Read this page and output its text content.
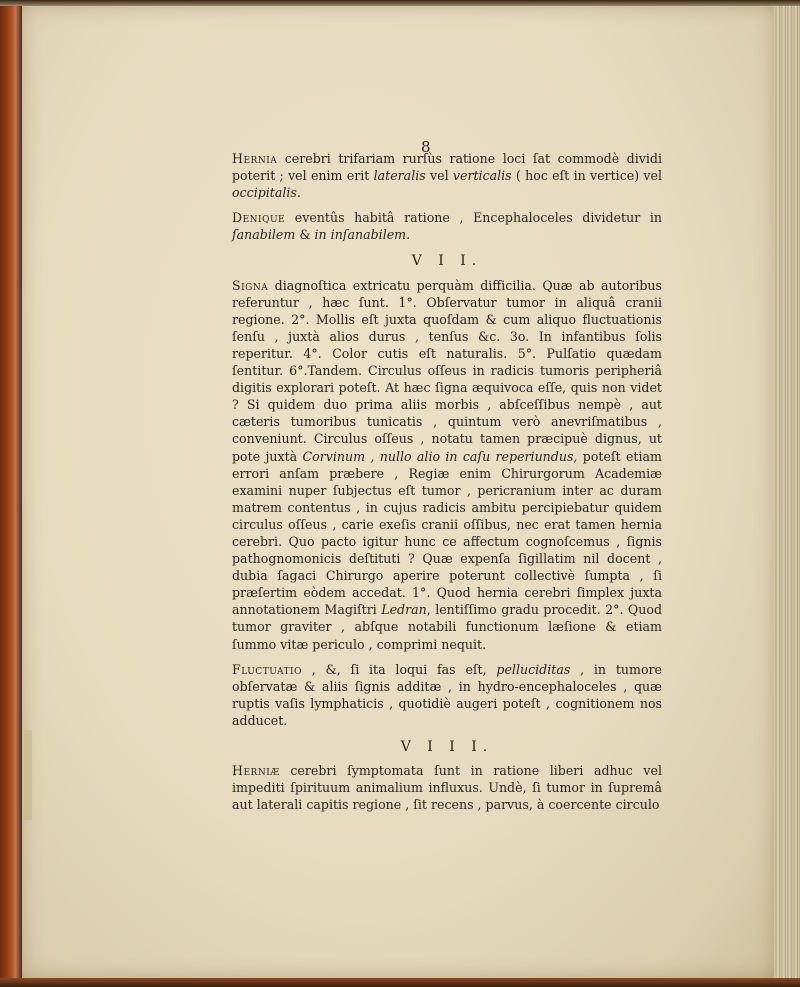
8

Hernia cerebri trifariam rurſùs ratione loci ſat commodè dividi poterit ; vel enim erit lateralis vel verticalis ( hoc eſt in vertice) vel occipitalis.

Denique eventûs habitâ ratione , Encephaloceles dividetur in ſanabilem & in inſanabilem.

V I I.

Signa diagnoſtica extricatu perquàm difficilia. Quæ ab autoribus referuntur , hæc ſunt. 1°. Obſervatur tumor in aliquâ cranii regione. 2°. Mollis eſt juxta quoſdam & cum aliquo fluctuationis ſenſu , juxtà alios durus , tenſus &c. 3o. In infantibus ſolis reperitur. 4°. Color cutis eſt naturalis. 5°. Pulſatio quædam ſentitur. 6°.Tandem. Circulus oſſeus in radicis tumoris peripheriâ digitis explorari poteſt. At hæc ſigna æquivoca eſſe, quis non videt ? Si quidem duo prima aliis morbis , abſceſſibus nempè , aut cæteris tumoribus tunicatis , quintum verò anevriſmatibus , conveniunt. Circulus oſſeus , notatu tamen præcipuè dignus, ut pote juxtà Corvinum , nullo alio in caſu reperiundus, poteſt etiam errori anſam præbere , Regiæ enim Chirurgorum Academiæ examini nuper ſubjectus eſt tumor , pericranium inter ac duram matrem contentus , in cujus radicis ambitu percipiebatur quidem circulus oſſeus , carie exeſis cranii oſſibus, nec erat tamen hernia cerebri. Quo pacto igitur hunc ce affectum cognoſcemus , ſignis pathognomonicis deſtituti ? Quæ expenſa ſigillatim nil docent , dubia ſagaci Chirurgo aperire poterunt collectivè ſumpta , ſi præſertim eòdem accedat. 1°. Quod hernia cerebri ſimplex juxta annotationem Magiſtri Ledran, lentiſſimo gradu procedit. 2°. Quod tumor graviter , abſque notabili functionum læſione & etiam ſummo vitæ periculo , comprimi nequit.

Fluctuatio , &, ſi ita loqui fas eſt, pelluciditas , in tumore obſervatæ & aliis ſignis additæ , in hydro-encephaloceles , quæ ruptis vaſis lymphaticis , quotidiè augeri poteſt , cognitionem nos adducet.

V I I I.

Herniæ cerebri ſymptomata ſunt in ratione liberi adhuc vel impediti ſpirituum animalium influxus. Undè, ſi tumor in ſupremâ aut laterali capitis regione , ſit recens , parvus, à coercente circulo
